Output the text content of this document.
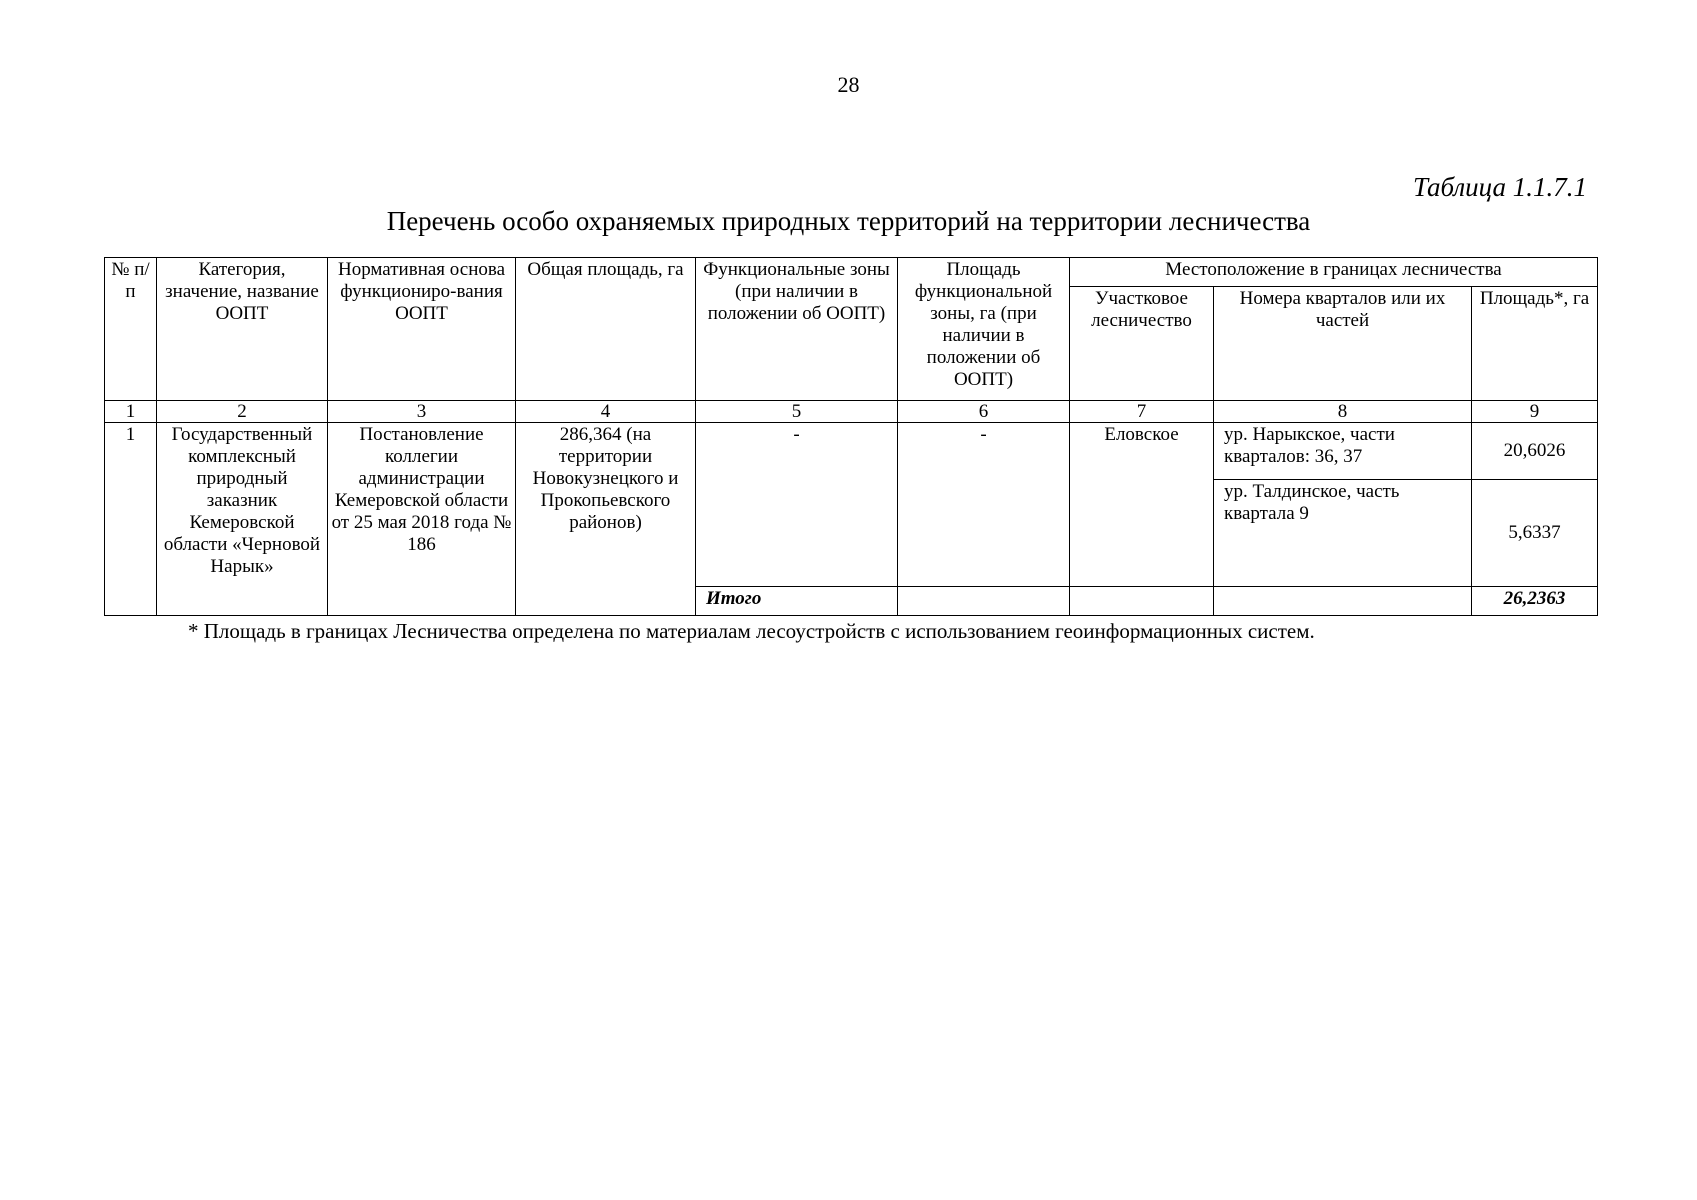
28
Таблица 1.1.7.1
Перечень особо охраняемых природных территорий на территории лесничества
№ п/п	Категория, значение, название ООПТ	Нормативная основа функциониро-вания ООПТ	Общая площадь, га	Функциональные зоны (при наличии в положении об ООПТ)	Площадь функциональной зоны, га (при наличии в положении об ООПТ)	Местоположение в границах лесничества		
						Участковое лесничество	Номера кварталов или их частей	Площадь*, га
1	2	3	4	5	6	7	8	9
1	Государственный комплексный природный заказник Кемеровской области «Черновой Нарык»	Постановление коллегии администрации Кемеровской области от 25 мая 2018 года № 186	286,364 (на территории Новокузнецкого и Прокопьевского районов)	-	-	Еловское	ур. Нарыкское, части кварталов: 36, 37	20,6026
							ур. Талдинское, часть квартала 9	5,6337
				Итого				26,2363
* Площадь в границах Лесничества определена по материалам лесоустройств с использованием геоинформационных систем.
